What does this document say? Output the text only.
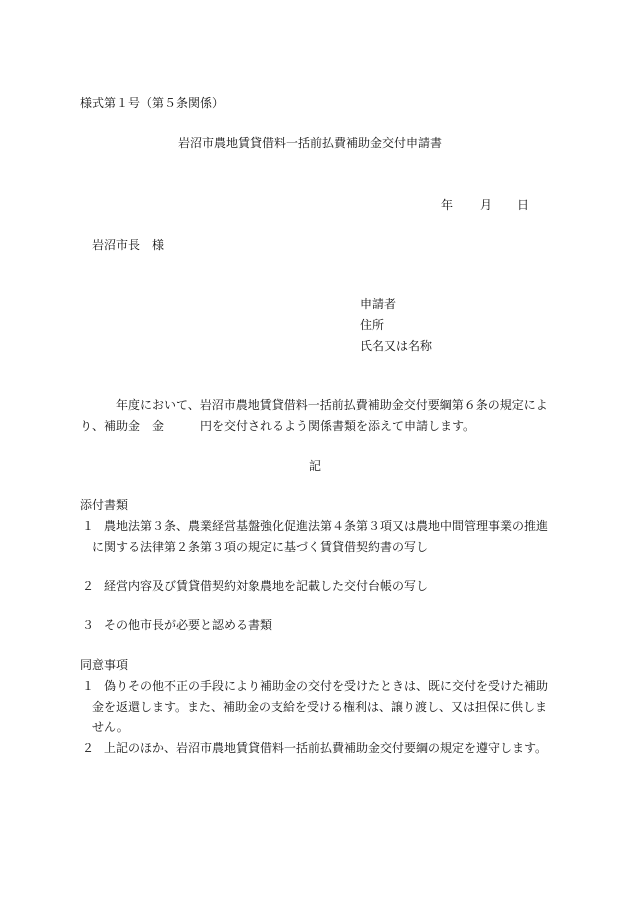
様式第１号（第５条関係）
岩沼市農地賃貸借料一括前払費補助金交付申請書
年 月 日
岩沼市長　様
申請者
住所
氏名又は名称
年度において、岩沼市農地賃貸借料一括前払費補助金交付要綱第６条の規定によ
り、補助金　金　　　円を交付されるよう関係書類を添えて申請します。
記
添付書類
１ 農地法第３条、農業経営基盤強化促進法第４条第３項又は農地中間管理事業の推進
に関する法律第２条第３項の規定に基づく賃貸借契約書の写し
２ 経営内容及び賃貸借契約対象農地を記載した交付台帳の写し
３ その他市長が必要と認める書類
同意事項
１ 偽りその他不正の手段により補助金の交付を受けたときは、既に交付を受けた補助
金を返還します。また、補助金の支給を受ける権利は、譲り渡し、又は担保に供しま
せん。
２ 上記のほか、岩沼市農地賃貸借料一括前払費補助金交付要綱の規定を遵守します。
